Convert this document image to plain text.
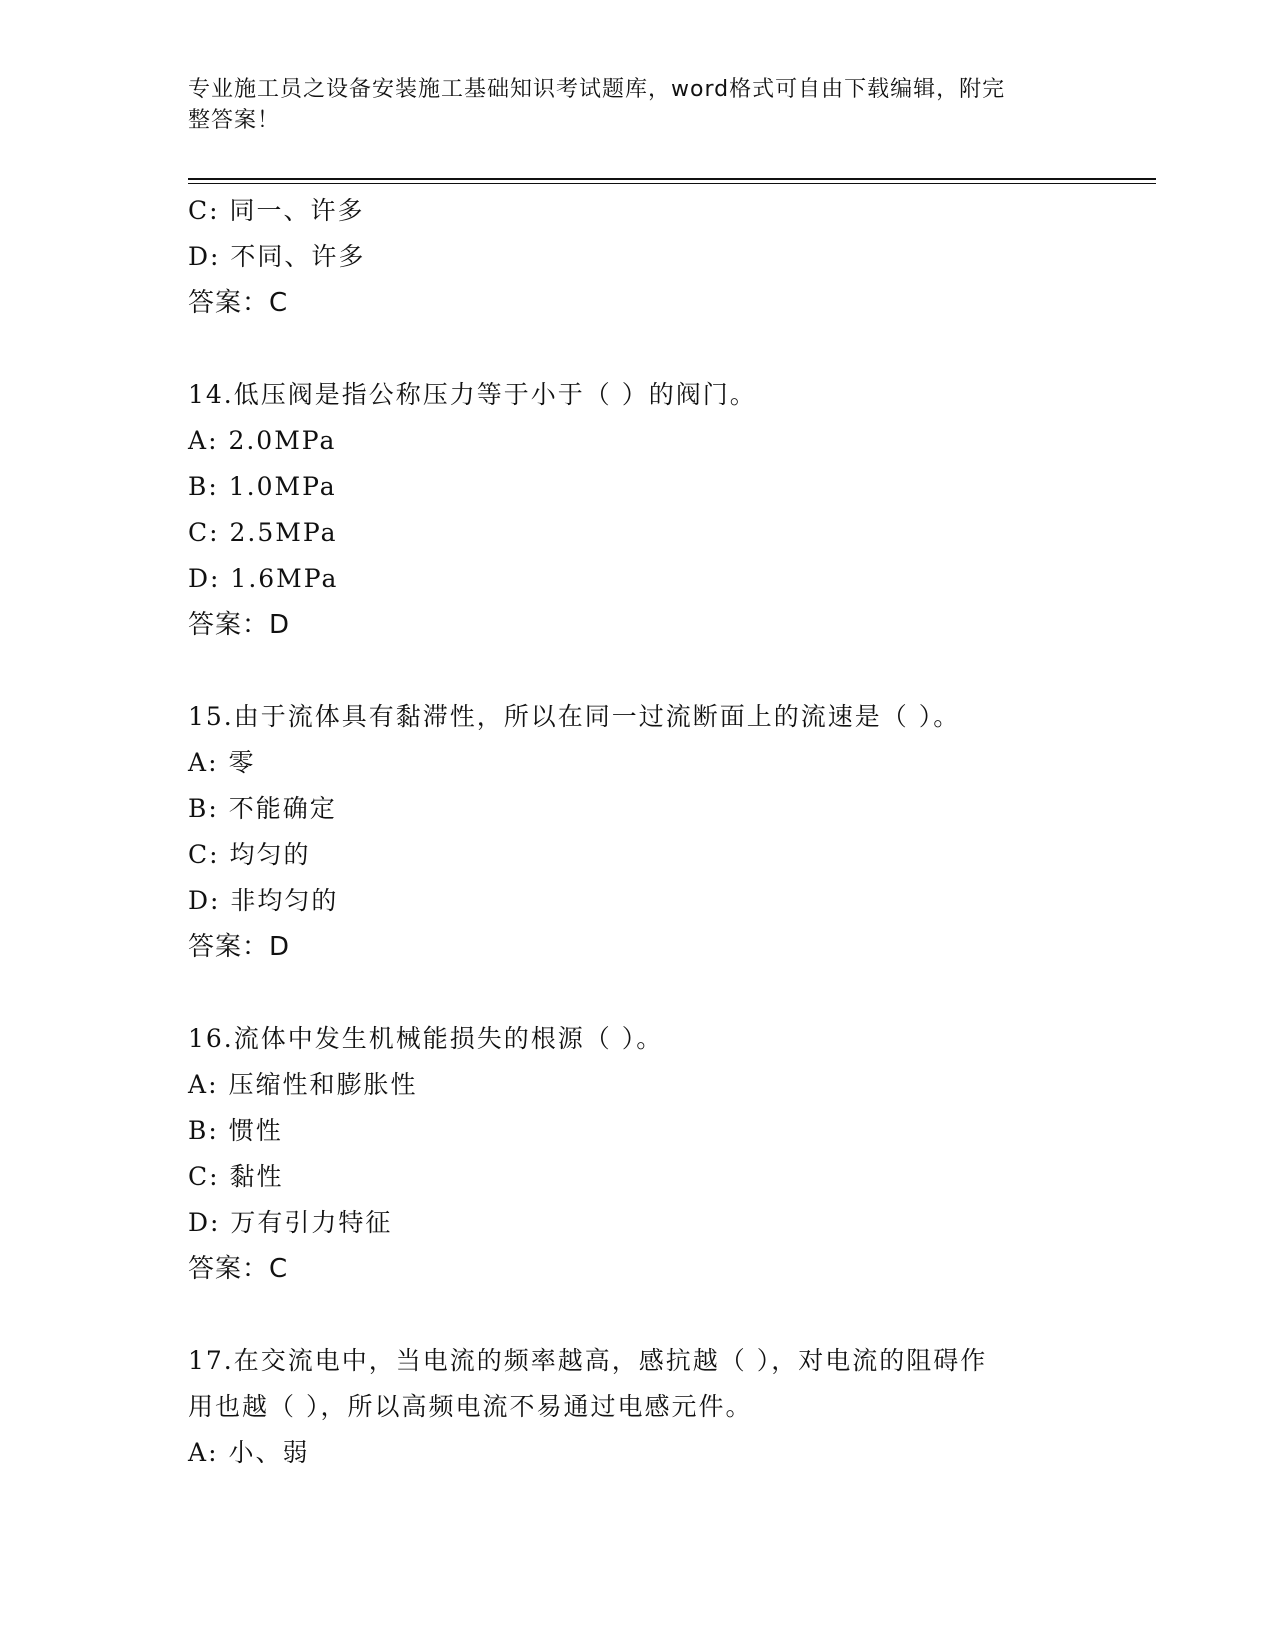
专业施工员之设备安装施工基础知识考试题库，word格式可自由下载编辑，附完
整答案！
C: 同一、许多
D: 不同、许多
答案：C
14.低压阀是指公称压力等于小于（ ）的阀门。
A: 2.0MPa
B: 1.0MPa
C: 2.5MPa
D: 1.6MPa
答案：D
15.由于流体具有黏滞性，所以在同一过流断面上的流速是（ ）。
A: 零
B: 不能确定
C: 均匀的
D: 非均匀的
答案：D
16.流体中发生机械能损失的根源（ ）。
A: 压缩性和膨胀性
B: 惯性
C: 黏性
D: 万有引力特征
答案：C
17.在交流电中，当电流的频率越高，感抗越（ ），对电流的阻碍作
用也越（ ），所以高频电流不易通过电感元件。
A: 小、弱
